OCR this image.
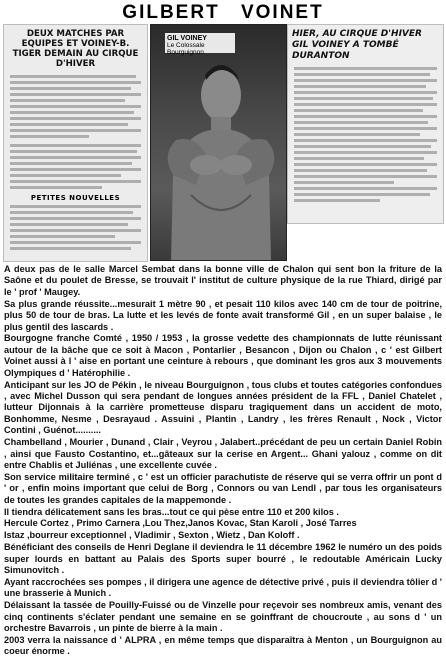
GILBERT VOINET
DEUX MATCHES PAR EQUIPES ET VOINEY-B. TIGER DEMAIN AU CIRQUE D'HIVER
PETITES NOUVELLES
GIL VOINEY
Le Colossale Bourguignon
HIER, AU CIRQUE D'HIVER GIL VOINEY A TOMBÉ DURANTON

A deux pas de le salle Marcel Sembat dans la bonne ville de Chalon qui sent bon la friture de la Saône et du poulet de Bresse, se trouvait l' institut de culture physique de la rue Thiard, dirigé par le ' prof ' Maugey.

Sa plus grande réussite...mesurait 1 mètre 90 , et pesait 110 kilos avec 140 cm de tour de poitrine, plus 50 de tour de bras. La lutte et les levés de fonte avait transformé Gil , en un super balaise , le plus gentil des lascards .

Bourgogne franche Comté , 1950 / 1953 , la grosse vedette des championnats de lutte réunissant autour de la bâche que ce soit à Macon , Pontarlier , Besancon , Dijon ou Chalon , c ' est Gilbert Voinet aussi à l ' aise en portant une ceinture à rebours , que dominant les gros aux 3 mouvements Olympiques d ' Hatérophilie .

Anticipant sur les JO de Pékin , le niveau Bourguignon , tous clubs et toutes catégories confondues , avec Michel Dusson qui sera pendant de longues années président de la FFL , Daniel Chatelet , lutteur Dijonnais à la carrière prometteuse disparu tragiquement dans un accident de moto, Bonhomme, Nesme , Desrayaud . Assuini , Plantin , Landry , les frères Renault , Nock , Victor Contini , Guénot..........

Chambelland , Mourier , Dunand , Clair , Veyrou , Jalabert..précédant de peu un certain Daniel Robin , ainsi que Fausto Costantino, et...gâteaux sur la cerise en Argent... Ghani yalouz , comme on dit entre Chablis et Juliénas , une excellente cuvée .

Son service militaire terminé , c ' est un officier parachutiste de réserve qui se verra offrir un pont d ' or , enfin moins important que celui de Borg , Connors ou van Lendl , par tous les organisateurs de toutes les grandes capitales de la mappemonde .

Il tiendra délicatement sans les bras...tout ce qui pèse entre 110 et 200 kilos .

Hercule Cortez , Primo Carnera ,Lou Thez,Janos Kovac, Stan Karoli , José Tarres

Istaz ,bourreur exceptionnel , Vladimir , Sexton , Wietz , Dan Koloff .

Bénéficiant des conseils de Henri Deglane il deviendra le 11 décembre 1962 le numéro un des poids super lourds en battant au Palais des Sports super bourré , le redoutable Américain Lucky Simunovitch .

Ayant raccrochées ses pompes , il dirigera une agence de détective privé , puis il deviendra tôlier d ' une brasserie à Munich .

Délaissant la tassée de Pouilly-Fuissé ou de Vinzelle pour reçevoir ses nombreux amis, venant des cinq continents s'éclater pendant une semaine en se goinffrant de choucroute , au sons d ' un orchestre Bavarrois , un pinte de bierre à la main .

2003 verra la naissance d ' ALPRA , en même temps que disparaîtra à Menton , un Bourguignon au coeur énorme .
